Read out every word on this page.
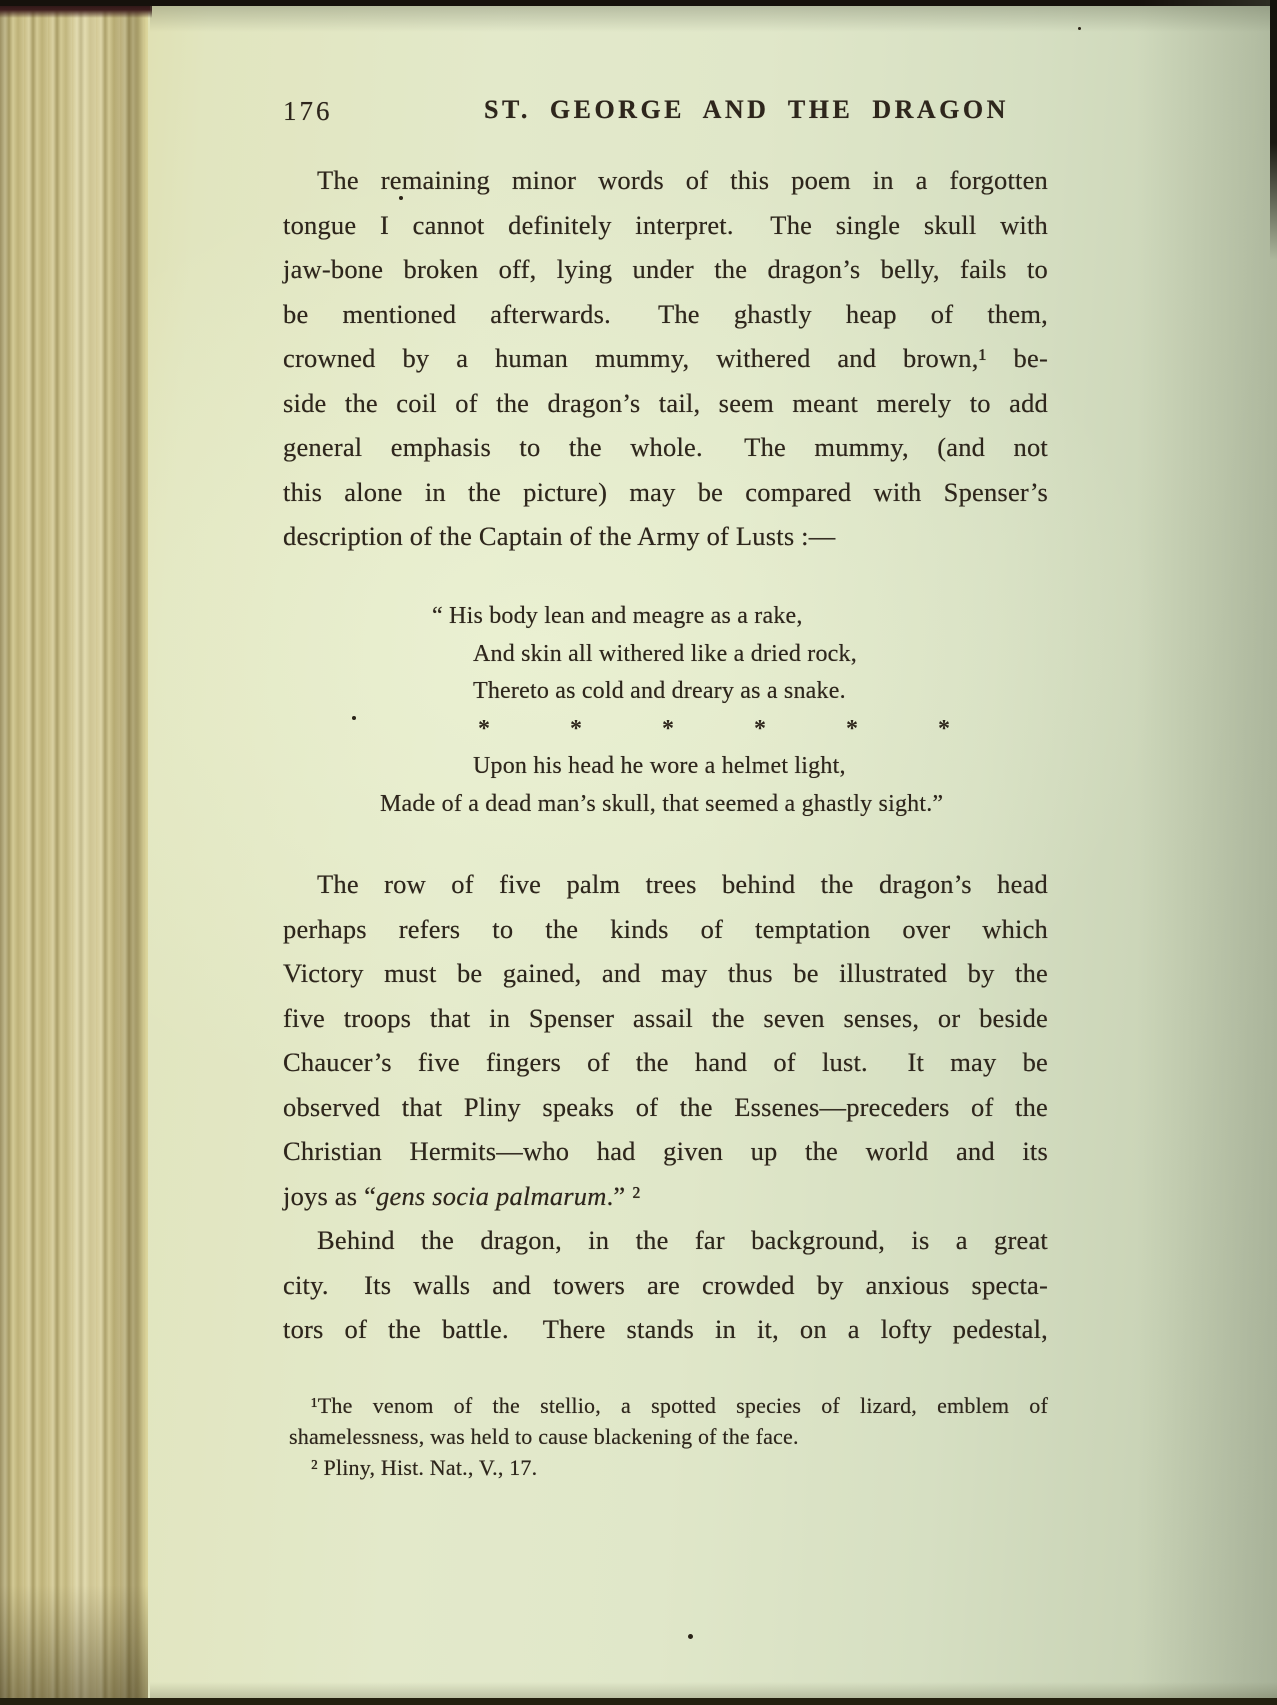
176	ST. GEORGE AND THE DRAGON
The remaining minor words of this poem in a forgotten
tongue I cannot definitely interpret.  The single skull with
jaw-bone broken off, lying under the dragon’s belly, fails to
be mentioned afterwards.  The ghastly heap of them,
crowned by a human mummy, withered and brown,¹ be-
side the coil of the dragon’s tail, seem meant merely to add
general emphasis to the whole.  The mummy, (and not
this alone in the picture) may be compared with Spenser’s
description of the Captain of the Army of Lusts :—
“ His body lean and meagre as a rake,
And skin all withered like a dried rock,
Thereto as cold and dreary as a snake.
*	*	*	*	*	*
Upon his head he wore a helmet light,
Made of a dead man’s skull, that seemed a ghastly sight.”
The row of five palm trees behind the dragon’s head
perhaps refers to the kinds of temptation over which
Victory must be gained, and may thus be illustrated by the
five troops that in Spenser assail the seven senses, or beside
Chaucer’s five fingers of the hand of lust.  It may be
observed that Pliny speaks of the Essenes—preceders of the
Christian Hermits—who had given up the world and its
joys as “gens socia palmarum.” ²
Behind the dragon, in the far background, is a great
city.  Its walls and towers are crowded by anxious specta-
tors of the battle.  There stands in it, on a lofty pedestal,
¹The venom of the stellio, a spotted species of lizard, emblem of
shamelessness, was held to cause blackening of the face.
² Pliny, Hist. Nat., V., 17.
